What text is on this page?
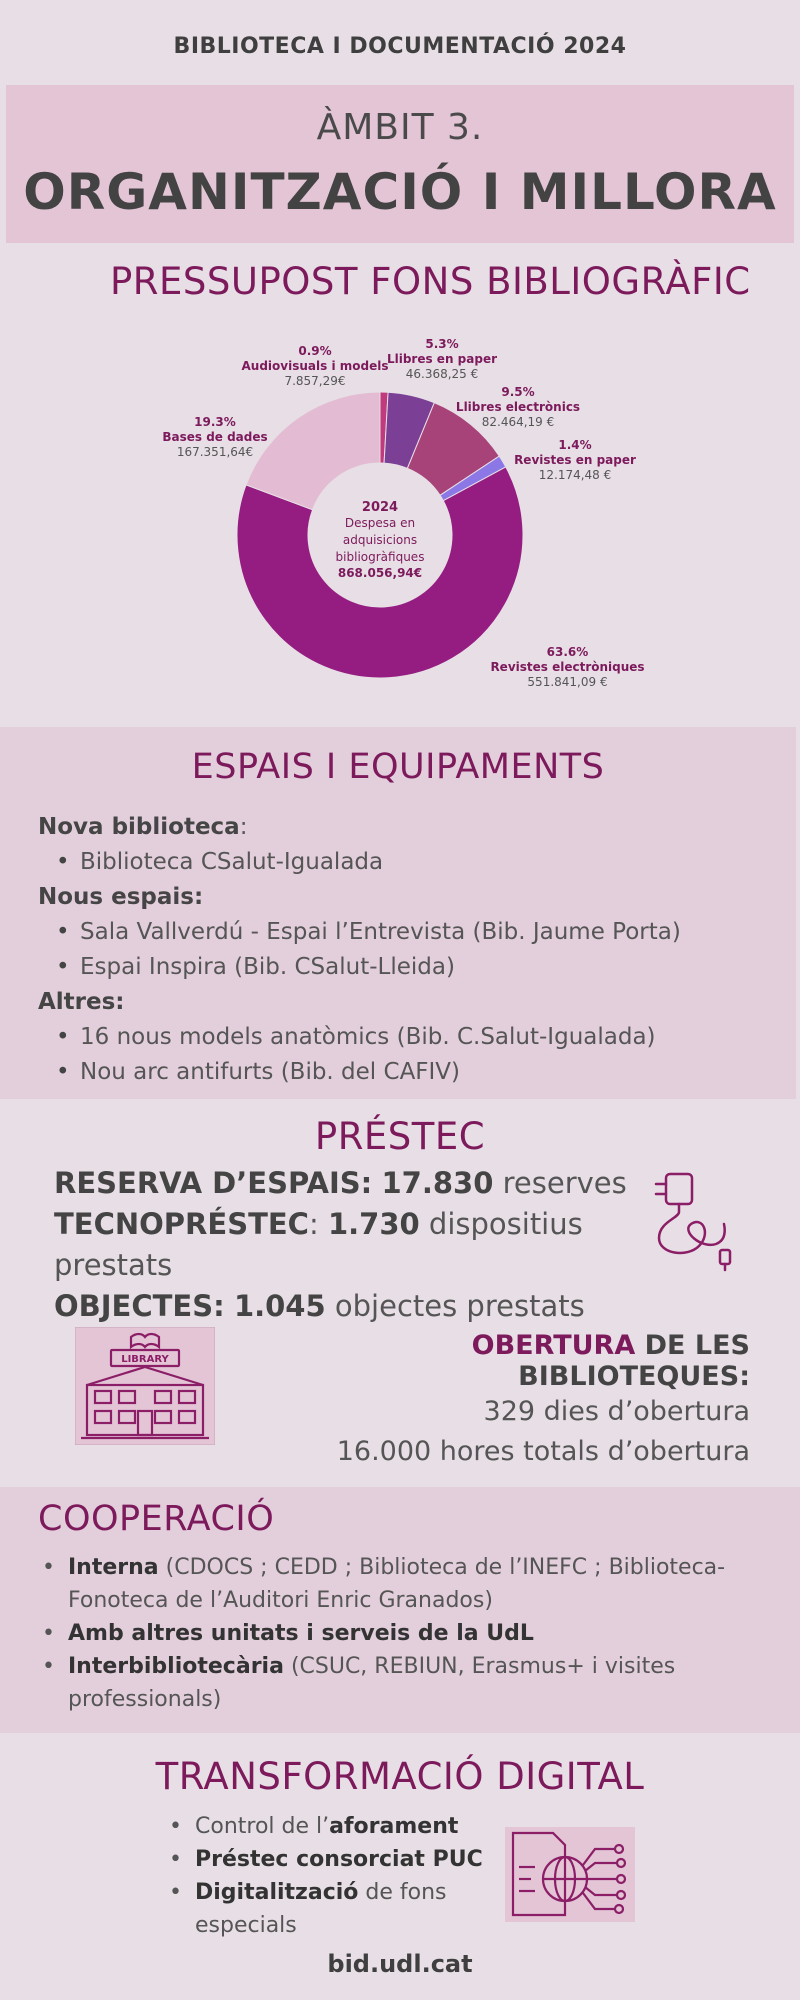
BIBLIOTECA I DOCUMENTACIÓ 2024
ÀMBIT 3.
ORGANITZACIÓ I MILLORA
PRESSUPOST FONS BIBLIOGRÀFIC
2024
Despesa en
adquisicions
bibliogràfiques
868.056,94€
0.9%
Audiovisuals i models
7.857,29€
5.3%
Llibres en paper
46.368,25 €
9.5%
Llibres electrònics
82.464,19 €
1.4%
Revistes en paper
12.174,48 €
63.6%
Revistes electròniques
551.841,09 €
19.3%
Bases de dades
167.351,64€
ESPAIS I EQUIPAMENTS
Nova biblioteca:
• Biblioteca CSalut-Igualada
Nous espais:
• Sala Vallverdú - Espai l’Entrevista (Bib. Jaume Porta)
• Espai Inspira (Bib. CSalut-Lleida)
Altres:
• 16 nous models anatòmics (Bib. C.Salut-Igualada)
• Nou arc antifurts (Bib. del CAFIV)
PRÉSTEC
RESERVA D’ESPAIS: 17.830 reserves
TECNOPRÉSTEC: 1.730 dispositius prestats
OBJECTES: 1.045 objectes prestats
LIBRARY	OBERTURA DE LES BIBLIOTEQUES:
329 dies d’obertura
16.000 hores totals d’obertura
COOPERACIÓ
• Interna (CDOCS ; CEDD ; Biblioteca de l’INEFC ; Biblioteca-
Fonoteca de l’Auditori Enric Granados)
• Amb altres unitats i serveis de la UdL
• Interbibliotecària (CSUC, REBIUN, Erasmus+ i visites
professionals)
TRANSFORMACIÓ DIGITAL
• Control de l’aforament
• Préstec consorciat PUC
• Digitalització de fons
especials
bid.udl.cat
